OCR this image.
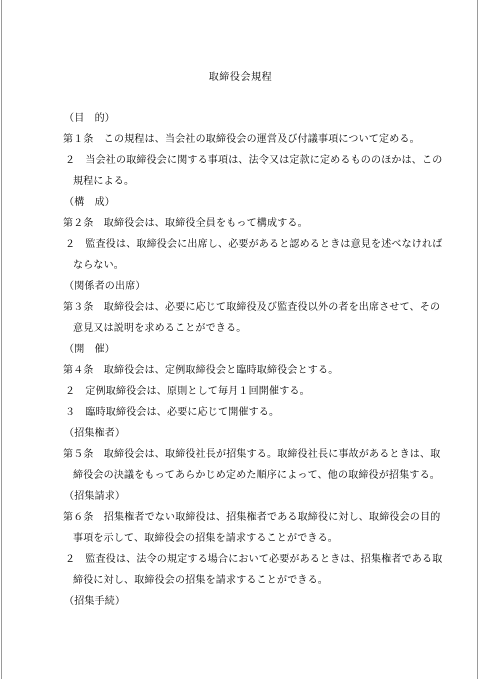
取締役会規程
（目　的）
第１条　この規程は、当会社の取締役会の運営及び付議事項について定める。
２　当会社の取締役会に関する事項は、法令又は定款に定めるもののほかは、この
規程による。
（構　成）
第２条　取締役会は、取締役全員をもって構成する。
２　監査役は、取締役会に出席し、必要があると認めるときは意見を述べなければ
ならない。
（関係者の出席）
第３条　取締役会は、必要に応じて取締役及び監査役以外の者を出席させて、その
意見又は説明を求めることができる。
（開　催）
第４条　取締役会は、定例取締役会と臨時取締役会とする。
２　定例取締役会は、原則として毎月１回開催する。
３　臨時取締役会は、必要に応じて開催する。
（招集権者）
第５条　取締役会は、取締役社長が招集する。取締役社長に事故があるときは、取
締役会の決議をもってあらかじめ定めた順序によって、他の取締役が招集する。
（招集請求）
第６条　招集権者でない取締役は、招集権者である取締役に対し、取締役会の目的
事項を示して、取締役会の招集を請求することができる。
２　監査役は、法令の規定する場合において必要があるときは、招集権者である取
締役に対し、取締役会の招集を請求することができる。
（招集手続）
